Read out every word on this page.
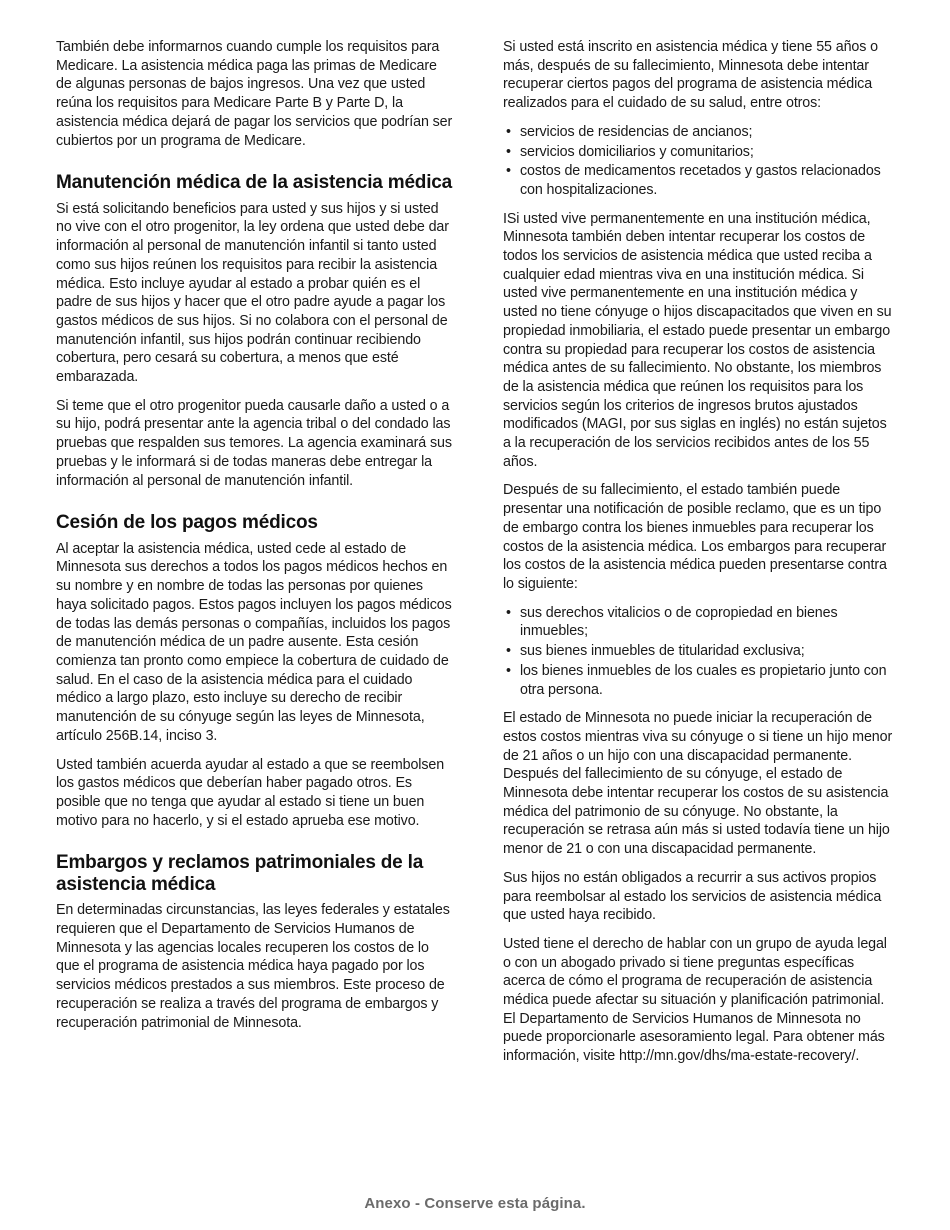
También debe informarnos cuando cumple los requisitos para Medicare. La asistencia médica paga las primas de Medicare de algunas personas de bajos ingresos. Una vez que usted reúna los requisitos para Medicare Parte B y Parte D, la asistencia médica dejará de pagar los servicios que podrían ser cubiertos por un programa de Medicare.

Manutención médica de la asistencia médica

Si está solicitando beneficios para usted y sus hijos y si usted no vive con el otro progenitor, la ley ordena que usted debe dar información al personal de manutención infantil si tanto usted como sus hijos reúnen los requisitos para recibir la asistencia médica. Esto incluye ayudar al estado a probar quién es el padre de sus hijos y hacer que el otro padre ayude a pagar los gastos médicos de sus hijos. Si no colabora con el personal de manutención infantil, sus hijos podrán continuar recibiendo cobertura, pero cesará su cobertura, a menos que esté embarazada.

Si teme que el otro progenitor pueda causarle daño a usted o a su hijo, podrá presentar ante la agencia tribal o del condado las pruebas que respalden sus temores. La agencia examinará sus pruebas y le informará si de todas maneras debe entregar la información al personal de manutención infantil.

Cesión de los pagos médicos

Al aceptar la asistencia médica, usted cede al estado de Minnesota sus derechos a todos los pagos médicos hechos en su nombre y en nombre de todas las personas por quienes haya solicitado pagos. Estos pagos incluyen los pagos médicos de todas las demás personas o compañías, incluidos los pagos de manutención médica de un padre ausente. Esta cesión comienza tan pronto como empiece la cobertura de cuidado de salud. En el caso de la asistencia médica para el cuidado médico a largo plazo, esto incluye su derecho de recibir manutención de su cónyuge según las leyes de Minnesota, artículo 256B.14, inciso 3.

Usted también acuerda ayudar al estado a que se reembolsen los gastos médicos que deberían haber pagado otros. Es posible que no tenga que ayudar al estado si tiene un buen motivo para no hacerlo, y si el estado aprueba ese motivo.

Embargos y reclamos patrimoniales de la asistencia médica

En determinadas circunstancias, las leyes federales y estatales requieren que el Departamento de Servicios Humanos de Minnesota y las agencias locales recuperen los costos de lo que el programa de asistencia médica haya pagado por los servicios médicos prestados a sus miembros. Este proceso de recuperación se realiza a través del programa de embargos y recuperación patrimonial de Minnesota.

Si usted está inscrito en asistencia médica y tiene 55 años o más, después de su fallecimiento, Minnesota debe intentar recuperar ciertos pagos del programa de asistencia médica realizados para el cuidado de su salud, entre otros:

• servicios de residencias de ancianos;
• servicios domiciliarios y comunitarios;
• costos de medicamentos recetados y gastos relacionados con hospitalizaciones.

ISi usted vive permanentemente en una institución médica, Minnesota también deben intentar recuperar los costos de todos los servicios de asistencia médica que usted reciba a cualquier edad mientras viva en una institución médica. Si usted vive permanentemente en una institución médica y usted no tiene cónyuge o hijos discapacitados que viven en su propiedad inmobiliaria, el estado puede presentar un embargo contra su propiedad para recuperar los costos de asistencia médica antes de su fallecimiento. No obstante, los miembros de la asistencia médica que reúnen los requisitos para los servicios según los criterios de ingresos brutos ajustados modificados (MAGI, por sus siglas en inglés) no están sujetos a la recuperación de los servicios recibidos antes de los 55 años.

Después de su fallecimiento, el estado también puede presentar una notificación de posible reclamo, que es un tipo de embargo contra los bienes inmuebles para recuperar los costos de la asistencia médica. Los embargos para recuperar los costos de la asistencia médica pueden presentarse contra lo siguiente:

• sus derechos vitalicios o de copropiedad en bienes inmuebles;
• sus bienes inmuebles de titularidad exclusiva;
• los bienes inmuebles de los cuales es propietario junto con otra persona.

El estado de Minnesota no puede iniciar la recuperación de estos costos mientras viva su cónyuge o si tiene un hijo menor de 21 años o un hijo con una discapacidad permanente. Después del fallecimiento de su cónyuge, el estado de Minnesota debe intentar recuperar los costos de su asistencia médica del patrimonio de su cónyuge. No obstante, la recuperación se retrasa aún más si usted todavía tiene un hijo menor de 21 o con una discapacidad permanente.

Sus hijos no están obligados a recurrir a sus activos propios para reembolsar al estado los servicios de asistencia médica que usted haya recibido.

Usted tiene el derecho de hablar con un grupo de ayuda legal o con un abogado privado si tiene preguntas específicas acerca de cómo el programa de recuperación de asistencia médica puede afectar su situación y planificación patrimonial. El Departamento de Servicios Humanos de Minnesota no puede proporcionarle asesoramiento legal. Para obtener más información, visite http://mn.gov/dhs/ma-estate-recovery/.

Anexo - Conserve esta página.
